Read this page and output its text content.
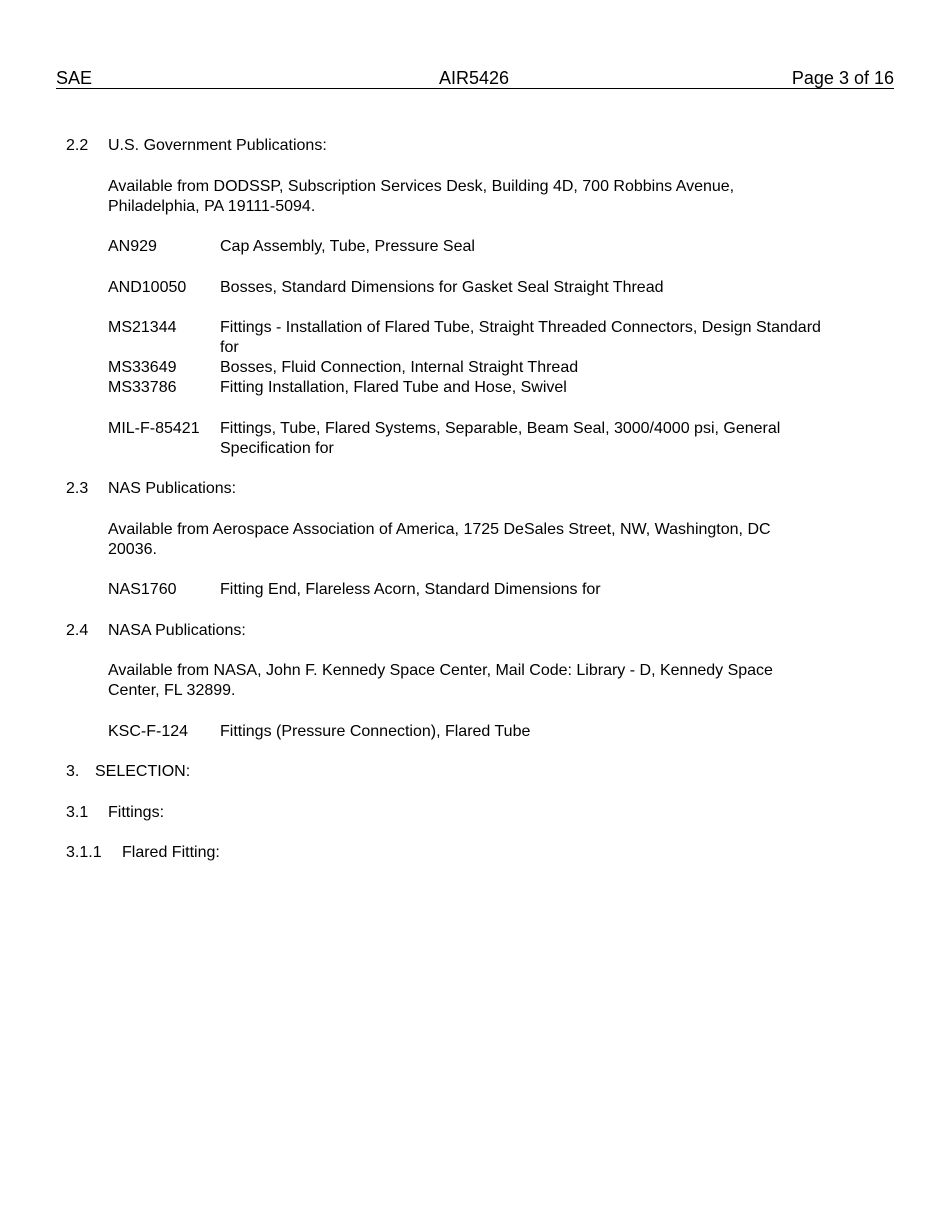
SAE	AIR5426	Page 3 of 16
2.2 U.S. Government Publications:
Available from DODSSP, Subscription Services Desk, Building 4D, 700 Robbins Avenue,
Philadelphia, PA 19111-5094.
AN929	Cap Assembly, Tube, Pressure Seal
AND10050 Bosses, Standard Dimensions for Gasket Seal Straight Thread
MS21344	Fittings - Installation of Flared Tube, Straight Threaded Connectors, Design Standard
for
MS33649	Bosses, Fluid Connection, Internal Straight Thread
MS33786	Fitting Installation, Flared Tube and Hose, Swivel
MIL-F-85421 Fittings, Tube, Flared Systems, Separable, Beam Seal, 3000/4000 psi, General
Specification for
2.3 NAS Publications:
Available from Aerospace Association of America, 1725 DeSales Street, NW, Washington, DC
20036.
NAS1760	Fitting End, Flareless Acorn, Standard Dimensions for
2.4 NASA Publications:
Available from NASA, John F. Kennedy Space Center, Mail Code: Library - D, Kennedy Space
Center, FL 32899.
KSC-F-124 Fittings (Pressure Connection), Flared Tube
3. SELECTION:
3.1 Fittings:
3.1.1 Flared Fitting:
